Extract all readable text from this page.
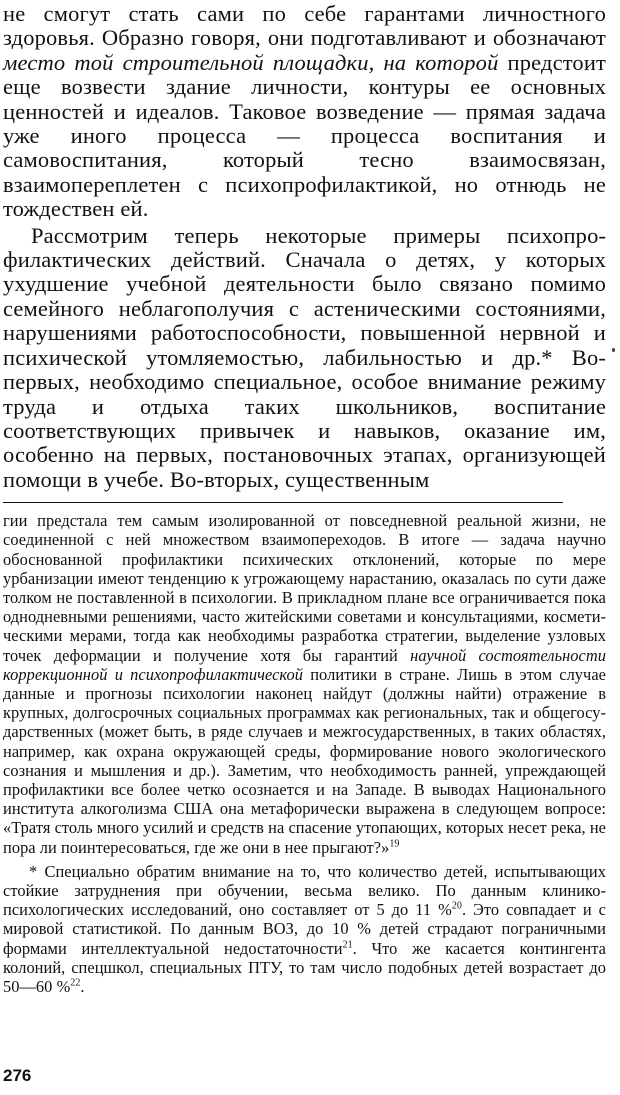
не смогут стать сами по себе гарантами личностного здоровья. Образно говоря, они подготавливают и обозначают место той строительной площадки, на которой предстоит еще возвести здание личности, контуры ее основных ценностей и идеалов. Таковое возведение — прямая задача уже иного процесса — процесса воспитания и самовоспитания, который тесно взаимосвязан, взаимопереплетен с психопрофилактикой, но отнюдь не тождествен ей.

Рассмотрим теперь некоторые примеры психопрофилактических действий. Сначала о детях, у которых ухудшение учебной деятельности было связано помимо семейного неблагополучия с астеническими состояниями, нарушениями работоспособности, повышенной нервной и психической утомляемостью, лабильностью и др.* Во-первых, необходимо специальное, особое внимание режиму труда и отдыха таких школьников, воспитание соответствующих привычек и навыков, оказание им, особенно на первых, постановочных этапах, организующей помощи в учебе. Во-вторых, существенным

гии предстала тем самым изолированной от повседневной реальной жизни, не соединенной с ней множеством взаимопереходов. В итоге — задача научно обоснованной профилактики психических отклонений, которые по мере урбанизации имеют тенденцию к угрожающему нарастанию, оказалась по сути даже толком не поставленной в психологии. В прикладном плане все ограничивается пока однодневными решениями, часто житейскими советами и консультациями, косметическими мерами, тогда как необходимы разработка стратегии, выделение узловых точек деформации и получение хотя бы гарантий научной состоятельности коррекционной и психопрофилактической политики в стране. Лишь в этом случае данные и прогнозы психологии наконец найдут (должны найти) отражение в крупных, долгосрочных социальных программах как региональных, так и общегосударственных (может быть, в ряде случаев и межгосударственных, в таких областях, например, как охрана окружающей среды, формирование нового экологического сознания и мышления и др.). Заметим, что необходимость ранней, упреждающей профилактики все более четко осознается и на Западе. В выводах Национального института алкоголизма США она метафорически выражена в следующем вопросе: «Тратя столь много усилий и средств на спасение утопающих, которых несет река, не пора ли поинтересоваться, где же они в нее прыгают?»$^{19}$

* Специально обратим внимание на то, что количество детей, испытывающих стойкие затруднения при обучении, весьма велико. По данным клинико-психологических исследований, оно составляет от 5 до 11 %$^{20}$. Это совпадает и с мировой статистикой. По данным ВОЗ, до 10 % детей страдают пограничными формами интеллектуальной недостаточности$^{21}$. Что же касается контингента колоний, спецшкол, специальных ПТУ, то там число подобных детей возрастает до 50—60 %$^{22}$.

276
